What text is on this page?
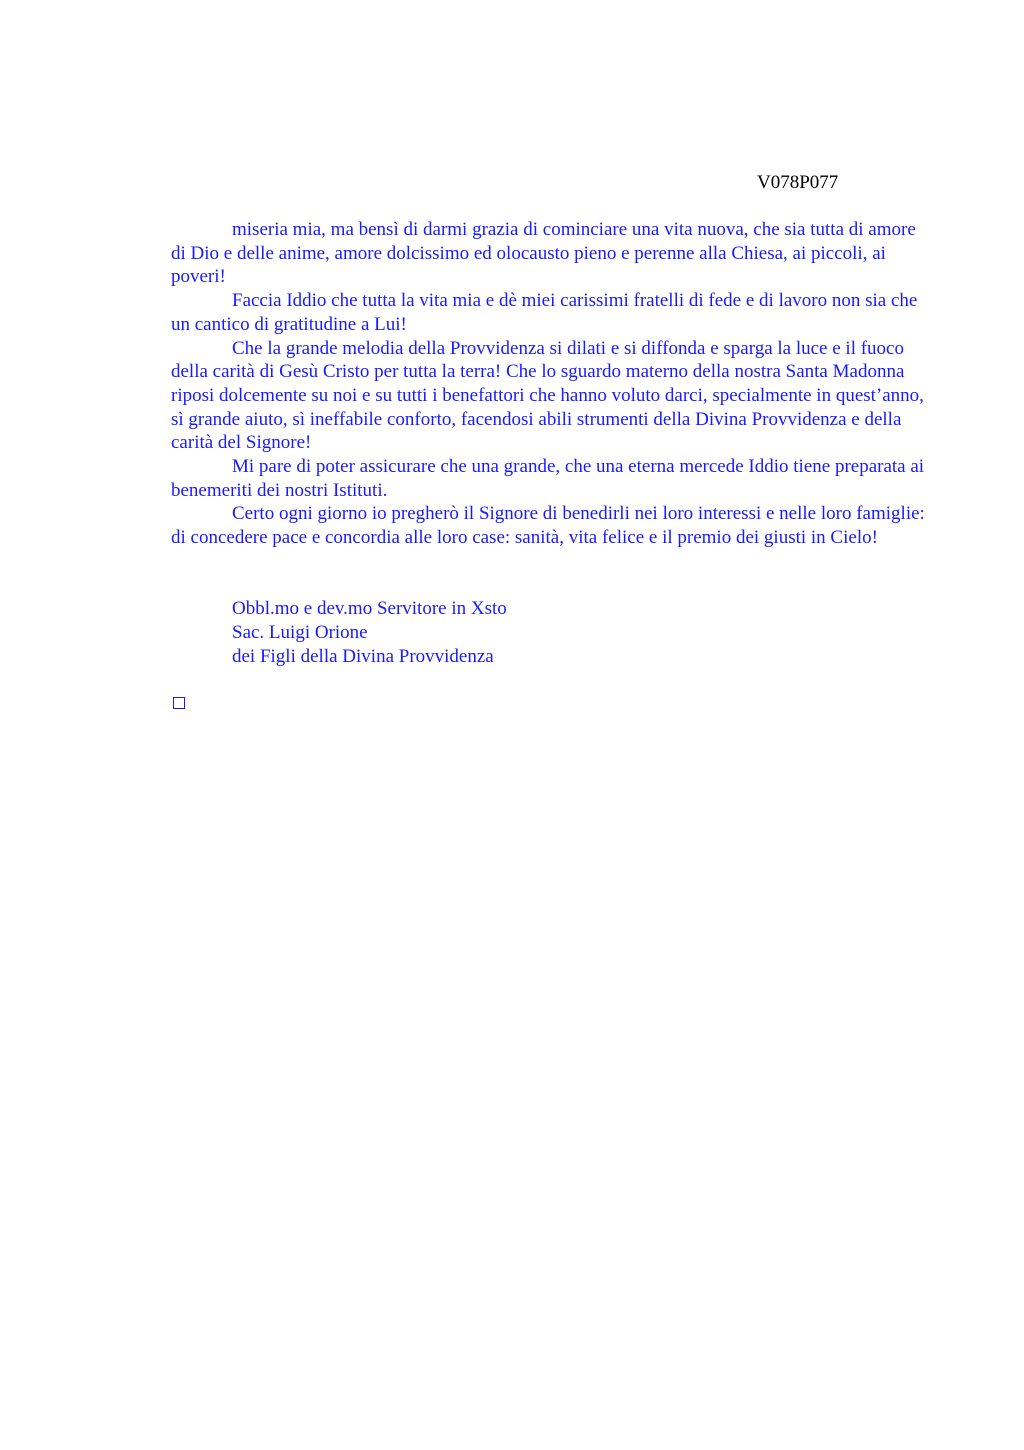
V078P077

miseria mia, ma bensì di darmi grazia di cominciare una vita nuova, che sia tutta di amore di Dio e delle anime, amore dolcissimo ed olocausto pieno e perenne alla Chiesa, ai piccoli, ai poveri!

Faccia Iddio che tutta la vita mia e dè miei carissimi fratelli di fede e di lavoro non sia che un cantico di gratitudine a Lui!

Che la grande melodia della Provvidenza si dilati e si diffonda e sparga la luce e il fuoco della carità di Gesù Cristo per tutta la terra! Che lo sguardo materno della nostra Santa Madonna riposi dolcemente su noi e su tutti i benefattori che hanno voluto darci, specialmente in quest’anno, sì grande aiuto, sì ineffabile conforto, facendosi abili strumenti della Divina Provvidenza e della carità del Signore!

Mi pare di poter assicurare che una grande, che una eterna mercede Iddio tiene preparata ai benemeriti dei nostri Istituti.

Certo ogni giorno io pregherò il Signore di benedirli nei loro interessi e nelle loro famiglie: di concedere pace e concordia alle loro case: sanità, vita felice e il premio dei giusti in Cielo!

Obbl.mo e dev.mo Servitore in Xsto
Sac. Luigi Orione
dei Figli della Divina Provvidenza
